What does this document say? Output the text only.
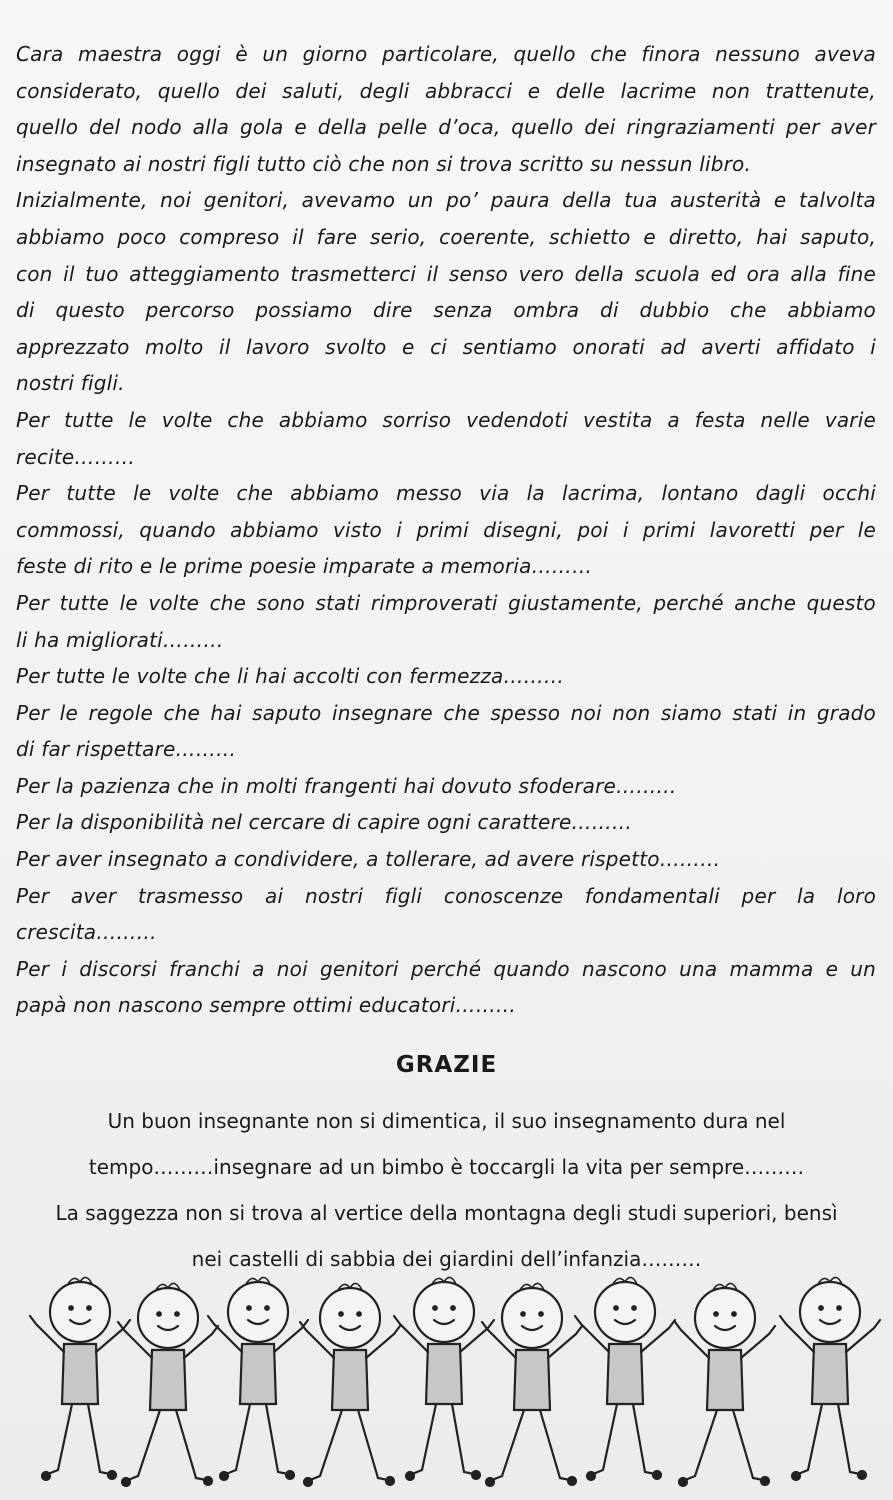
Cara maestra oggi è un giorno particolare, quello che finora nessuno aveva
considerato, quello dei saluti, degli abbracci e delle lacrime non trattenute,
quello del nodo alla gola e della pelle d’oca, quello dei ringraziamenti per aver
insegnato ai nostri figli tutto ciò che non si trova scritto su nessun libro.
Inizialmente, noi genitori, avevamo un po’ paura della tua austerità e talvolta
abbiamo poco compreso il fare serio, coerente, schietto e diretto, hai saputo,
con il tuo atteggiamento trasmetterci il senso vero della scuola ed ora alla fine
di questo percorso possiamo dire senza ombra di dubbio che abbiamo
apprezzato molto il lavoro svolto e ci sentiamo onorati ad averti affidato i
nostri figli.
Per tutte le volte che abbiamo sorriso vedendoti vestita a festa nelle varie
recite………
Per tutte le volte che abbiamo messo via la lacrima, lontano dagli occhi
commossi, quando abbiamo visto i primi disegni, poi i primi lavoretti per le
feste di rito e le prime poesie imparate a memoria………
Per tutte le volte che sono stati rimproverati giustamente, perché anche questo
li ha migliorati………
Per tutte le volte che li hai accolti con fermezza………
Per le regole che hai saputo insegnare che spesso noi non siamo stati in grado
di far rispettare………
Per la pazienza che in molti frangenti hai dovuto sfoderare………
Per la disponibilità nel cercare di capire ogni carattere………
Per aver insegnato a condividere, a tollerare, ad avere rispetto………
Per aver trasmesso ai nostri figli conoscenze fondamentali per la loro
crescita………
Per i discorsi franchi a noi genitori perché quando nascono una mamma e un
papà non nascono sempre ottimi educatori………
GRAZIE
Un buon insegnante non si dimentica, il suo insegnamento dura nel
tempo………insegnare ad un bimbo è toccargli la vita per sempre………
La saggezza non si trova al vertice della montagna degli studi superiori, bensì
nei castelli di sabbia dei giardini dell’infanzia………
